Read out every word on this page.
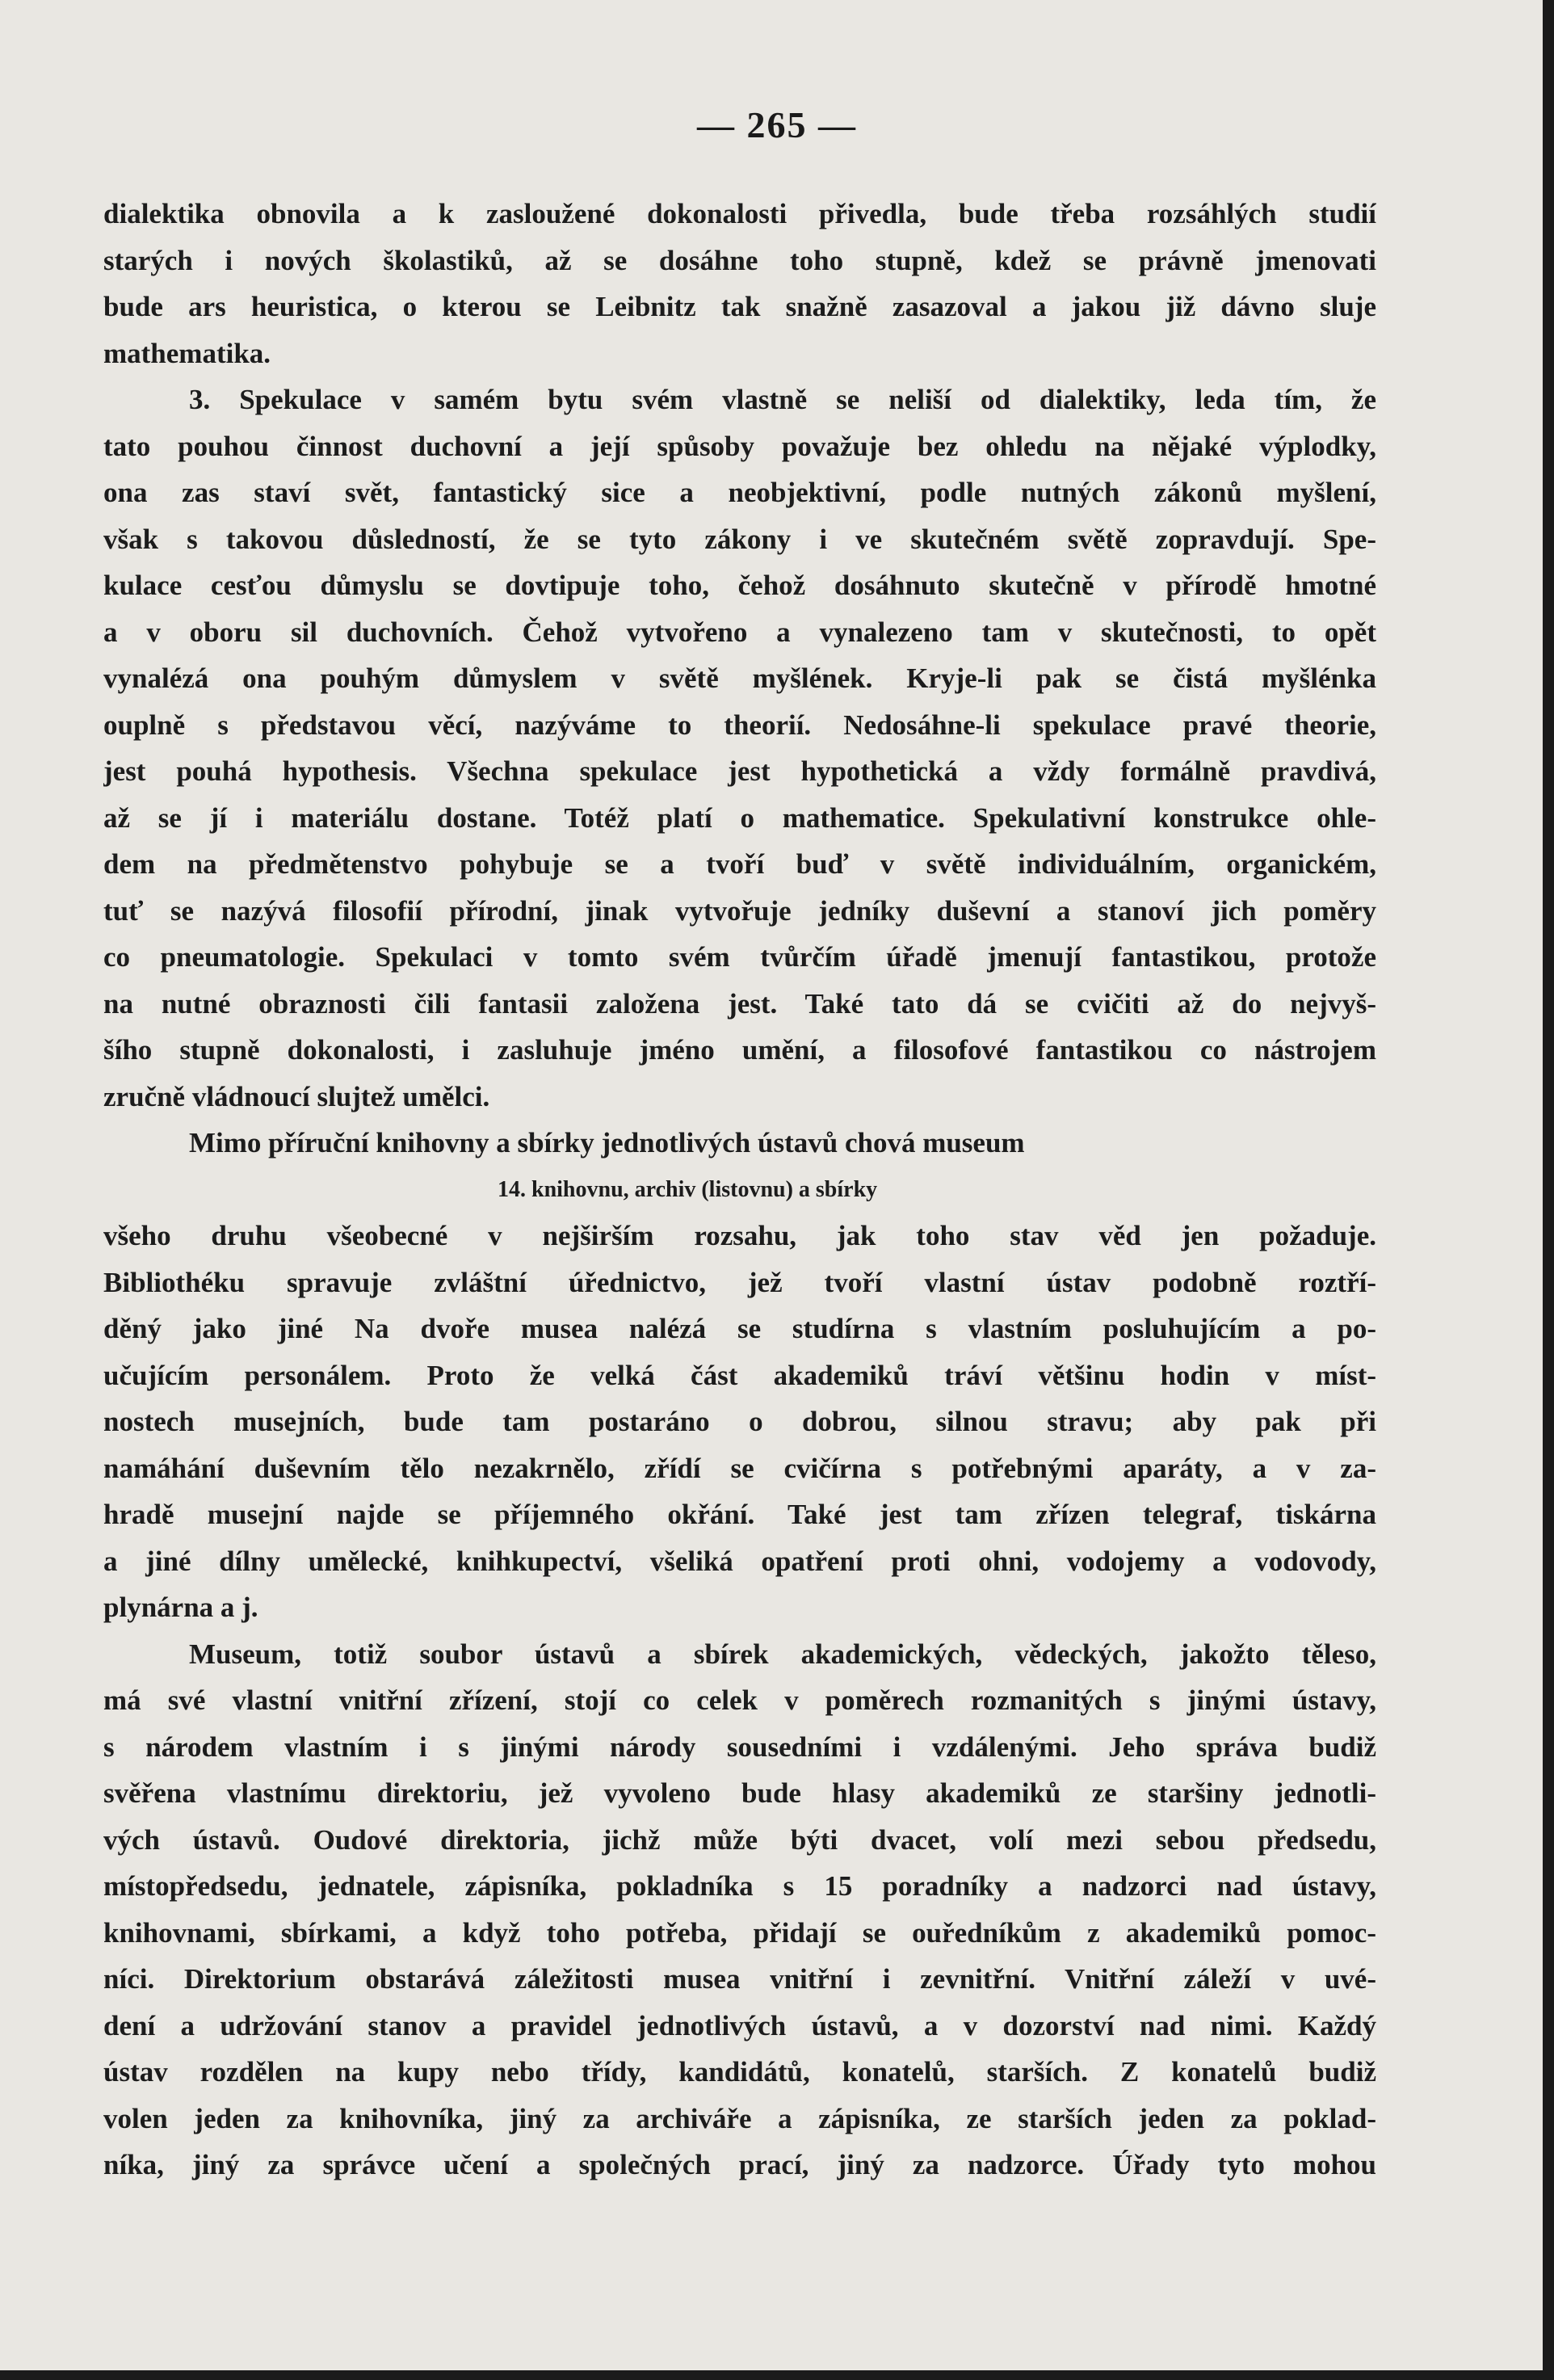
— 265 —
dialektika obnovila a k zasloužené dokonalosti přivedla, bude třeba rozsáhlých studií
starých i nových školastiků, až se dosáhne toho stupně, kdež se právně jmenovati
bude ars heuristica, o kterou se Leibnitz tak snažně zasazoval a jakou již dávno sluje
mathematika.
3. Spekulace v samém bytu svém vlastně se neliší od dialektiky, leda tím, že
tato pouhou činnost duchovní a její spůsoby považuje bez ohledu na nějaké výplodky,
ona zas staví svět, fantastický sice a neobjektivní, podle nutných zákonů myšlení,
však s takovou důsledností, že se tyto zákony i ve skutečném světě zopravdují. Spe-
kulace cesťou důmyslu se dovtipuje toho, čehož dosáhnuto skutečně v přírodě hmotné
a v oboru sil duchovních. Čehož vytvořeno a vynalezeno tam v skutečnosti, to opět
vynalézá ona pouhým důmyslem v světě myšlének. Kryje-li pak se čistá myšlénka
ouplně s představou věcí, nazýváme to theorií. Nedosáhne-li spekulace pravé theorie,
jest pouhá hypothesis. Všechna spekulace jest hypothetická a vždy formálně pravdivá,
až se jí i materiálu dostane. Totéž platí o mathematice. Spekulativní konstrukce ohle-
dem na předmětenstvo pohybuje se a tvoří buď v světě individuálním, organickém,
tuť se nazývá filosofií přírodní, jinak vytvořuje jedníky duševní a stanoví jich poměry
co pneumatologie. Spekulaci v tomto svém tvůrčím úřadě jmenují fantastikou, protože
na nutné obraznosti čili fantasii založena jest. Také tato dá se cvičiti až do nejvyš-
šího stupně dokonalosti, i zasluhuje jméno umění, a filosofové fantastikou co nástrojem
zručně vládnoucí slujtež umělci.
Mimo příruční knihovny a sbírky jednotlivých ústavů chová museum
14. knihovnu, archiv (listovnu) a sbírky
všeho druhu všeobecné v nejširším rozsahu, jak toho stav věd jen požaduje.
Bibliothéku spravuje zvláštní úřednictvo, jež tvoří vlastní ústav podobně roztří-
děný jako jiné Na dvoře musea nalézá se studírna s vlastním posluhujícím a po-
učujícím personálem. Proto že velká část akademiků tráví většinu hodin v míst-
nostech musejních, bude tam postaráno o dobrou, silnou stravu; aby pak při
namáhání duševním tělo nezakrnělo, zřídí se cvičírna s potřebnými aparáty, a v za-
hradě musejní najde se příjemného okřání. Také jest tam zřízen telegraf, tiskárna
a jiné dílny umělecké, knihkupectví, všeliká opatření proti ohni, vodojemy a vodovody,
plynárna a j.
Museum, totiž soubor ústavů a sbírek akademických, vědeckých, jakožto těleso,
má své vlastní vnitřní zřízení, stojí co celek v poměrech rozmanitých s jinými ústavy,
s národem vlastním i s jinými národy sousedními i vzdálenými. Jeho správa budiž
svěřena vlastnímu direktoriu, jež vyvoleno bude hlasy akademiků ze staršiny jednotli-
vých ústavů. Oudové direktoria, jichž může býti dvacet, volí mezi sebou předsedu,
místopředsedu, jednatele, zápisníka, pokladníka s 15 poradníky a nadzorci nad ústavy,
knihovnami, sbírkami, a když toho potřeba, přidají se ouředníkům z akademiků pomoc-
níci. Direktorium obstarává záležitosti musea vnitřní i zevnitřní. Vnitřní záleží v uvé-
dení a udržování stanov a pravidel jednotlivých ústavů, a v dozorství nad nimi. Každý
ústav rozdělen na kupy nebo třídy, kandidátů, konatelů, starších. Z konatelů budiž
volen jeden za knihovníka, jiný za archiváře a zápisníka, ze starších jeden za poklad-
níka, jiný za správce učení a společných prací, jiný za nadzorce. Úřady tyto mohou
